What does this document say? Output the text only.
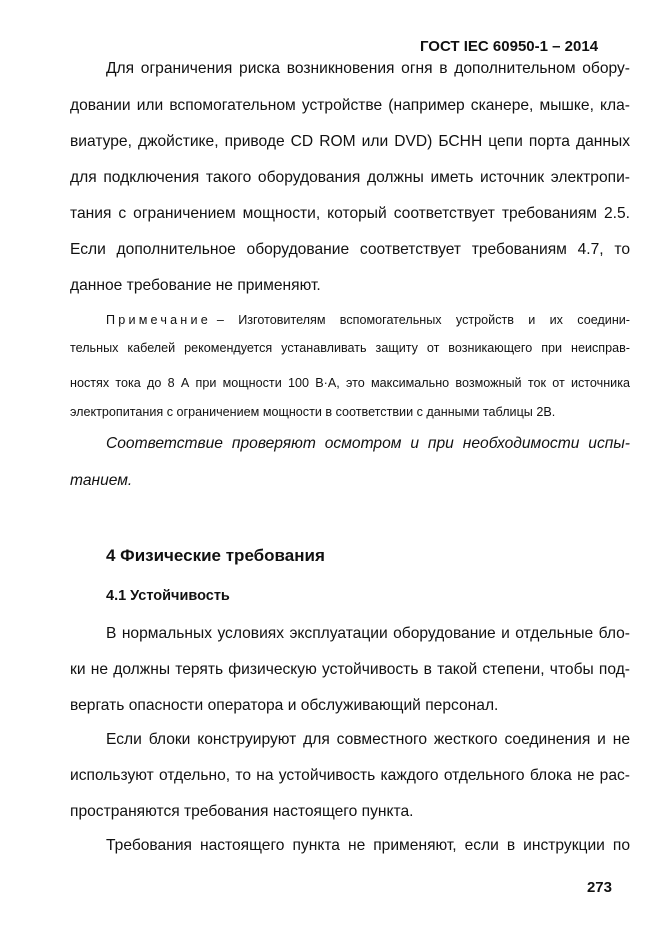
ГОСТ IEC 60950-1 – 2014
Для ограничения риска возникновения огня в дополнительном обору-
довании или вспомогательном устройстве (например сканере, мышке, кла-
виатуре, джойстике, приводе CD ROM или DVD) БСНН цепи порта данных
для подключения такого оборудования должны иметь источник электропи-
тания с ограничением мощности, который соответствует требованиям 2.5.
Если дополнительное оборудование соответствует требованиям 4.7, то
данное требование не применяют.
Примечание – Изготовителям вспомогательных устройств и их соедини-
тельных кабелей рекомендуется устанавливать защиту от возникающего при неисправ-
ностях тока до 8 А при мощности 100 В·А, это максимально возможный ток от источника
электропитания с ограничением мощности в соответствии с данными таблицы 2В.
Соответствие проверяют осмотром и при необходимости испы-
танием.
4 Физические требования
4.1 Устойчивость
В нормальных условиях эксплуатации оборудование и отдельные бло-
ки не должны терять физическую устойчивость в такой степени, чтобы под-
вергать опасности оператора и обслуживающий персонал.
Если блоки конструируют для совместного жесткого соединения и не
используют отдельно, то на устойчивость каждого отдельного блока не рас-
пространяются требования настоящего пункта.
Требования настоящего пункта не применяют, если в инструкции по
273
